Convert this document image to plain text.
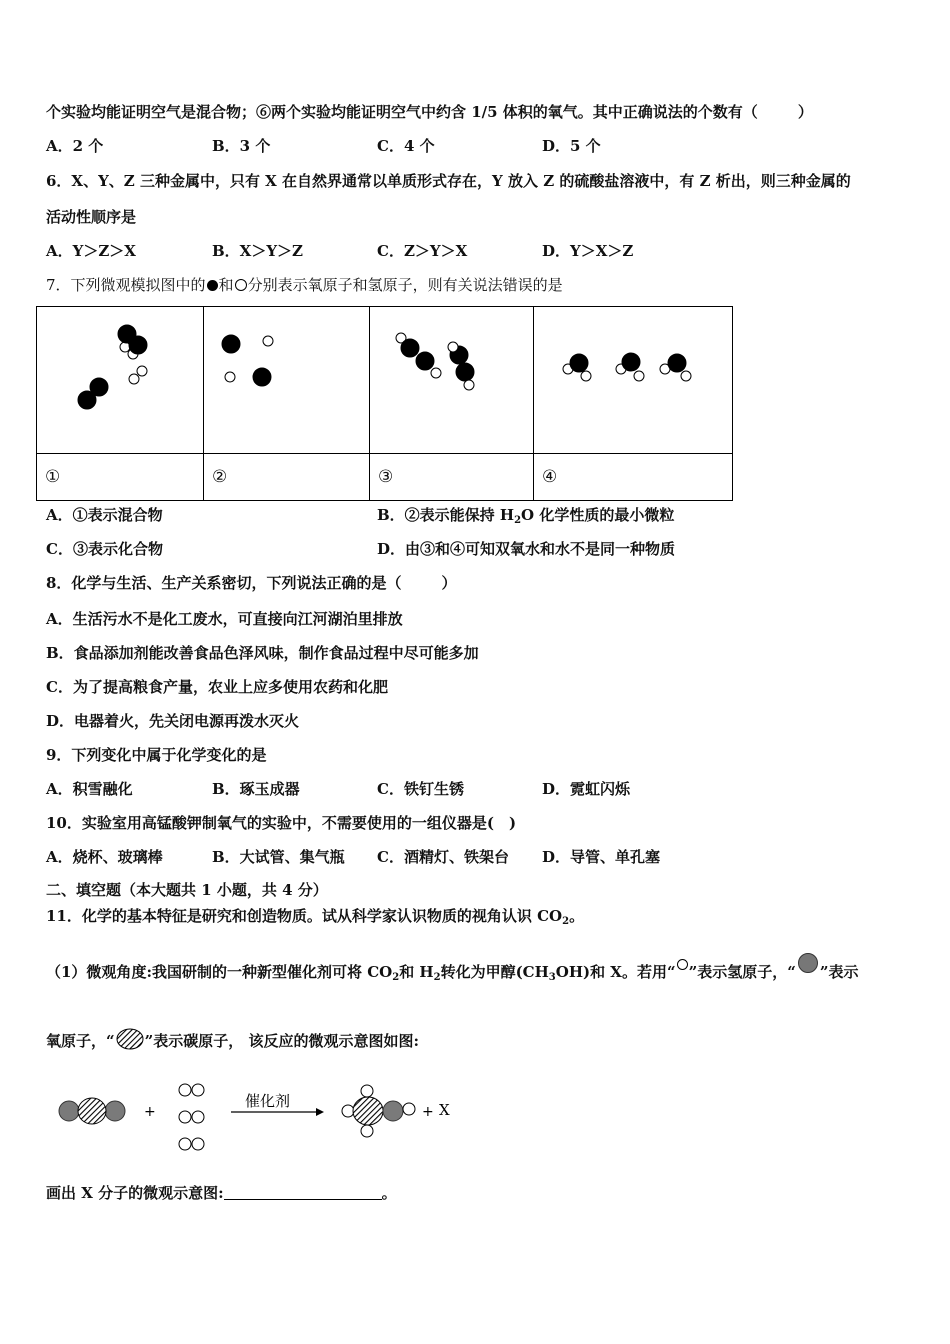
个实验均能证明空气是混合物；⑥两个实验均能证明空气中约含 1/5 体积的氧气。其中正确说法的个数有（	）
A．2 个	B．3 个	C．4 个	D．5 个
6．X、Y、Z 三种金属中，只有 X 在自然界通常以单质形式存在，Y 放入 Z 的硫酸盐溶液中，有 Z 析出，则三种金属的
活动性顺序是
A．Y＞Z＞X	B．X＞Y＞Z	C．Z＞Y＞X	D．Y＞X＞Z
7．下列微观模拟图中的 和 分别表示氧原子和氢原子，则有关说法错误的是

①	②	③	④
A．①表示混合物	B．②表示能保持 $H_2O$ 化学性质的最小微粒
C．③表示化合物	D．由③和④可知双氧水和水不是同一种物质
8．化学与生活、生产关系密切，下列说法正确的是（	）
A．生活污水不是化工废水，可直接向江河湖泊里排放
B．食品添加剂能改善食品色泽风味，制作食品过程中尽可能多加
C．为了提高粮食产量，农业上应多使用农药和化肥
D．电器着火，先关闭电源再泼水灭火
9．下列变化中属于化学变化的是
A．积雪融化	B．琢玉成器	C．铁钉生锈	D．霓虹闪烁
10．实验室用高锰酸钾制氧气的实验中，不需要使用的一组仪器是(　)
A．烧杯、玻璃棒	B．大试管、集气瓶 C．酒精灯、铁架台 D．导管、单孔塞
二、填空题（本大题共 1 小题，共 4 分）
11．化学的基本特征是研究和创造物质。试从科学家认识物质的视角认识 $CO_2$。
（1）微观角度:我国研制的一种新型催化剂可将 $CO_2$和 $H_2$转化为甲醇$(CH_3OH)$和 X。若用“ ”表示氢原子，“ ”表示
氧原子，“ ”表示碳原子， 该反应的微观示意图如图:
+
催化剂
+ X
画出 X 分子的微观示意图:	。
